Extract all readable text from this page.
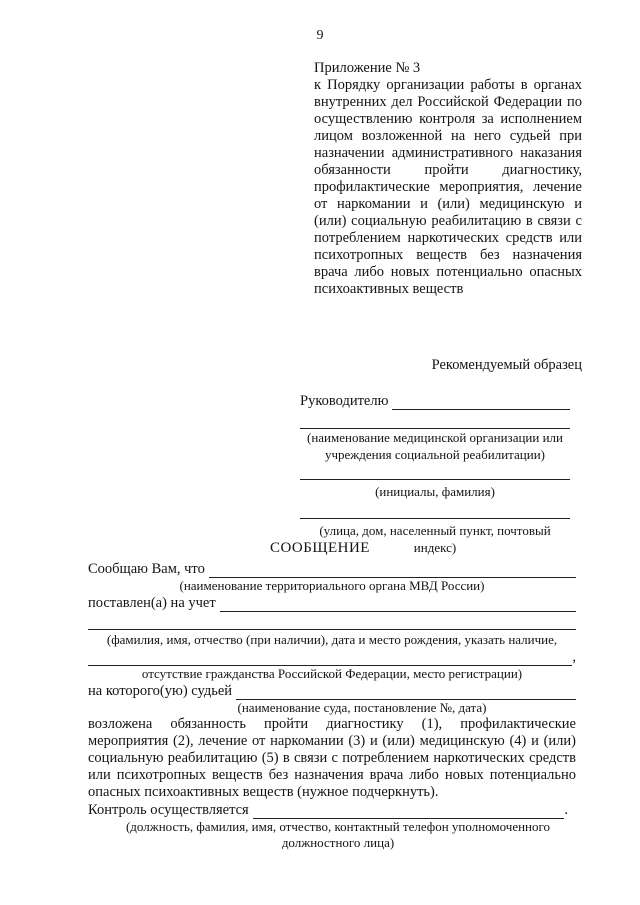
9

Приложение № 3

к Порядку организации работы в органах внутренних дел Российской Федерации по осуществлению контроля за исполнением лицом возложенной на него судьей при назначении административного наказания обязанности пройти диагностику, профилактические мероприятия, лечение от наркомании и (или) медицинскую и (или) социальную реабилитацию в связи с потреблением наркотических средств или психотропных веществ без назначения врача либо новых потенциально опасных психоактивных веществ

Рекомендуемый образец
Руководителю
(наименование медицинской организации или учреждения социальной реабилитации)
(инициалы, фамилия)
(улица, дом, населенный пункт, почтовый индекс)
СООБЩЕНИЕ
Сообщаю Вам, что
(наименование территориального органа МВД России)
поставлен(а) на учет
(фамилия, имя, отчество (при наличии), дата и место рождения, указать наличие,
,
отсутствие гражданства Российской Федерации, место регистрации)
на которого(ую) судьей
(наименование суда, постановление №, дата)

возложена обязанность пройти диагностику (1), профилактические мероприятия (2), лечение от наркомании (3) и (или) медицинскую (4) и (или) социальную реабилитацию (5) в связи с потреблением наркотических средств или психотропных веществ без назначения врача либо новых потенциально опасных психоактивных веществ (нужное подчеркнуть).

Контроль осуществляется	.
(должность, фамилия, имя, отчество, контактный телефон уполномоченного должностного лица)
